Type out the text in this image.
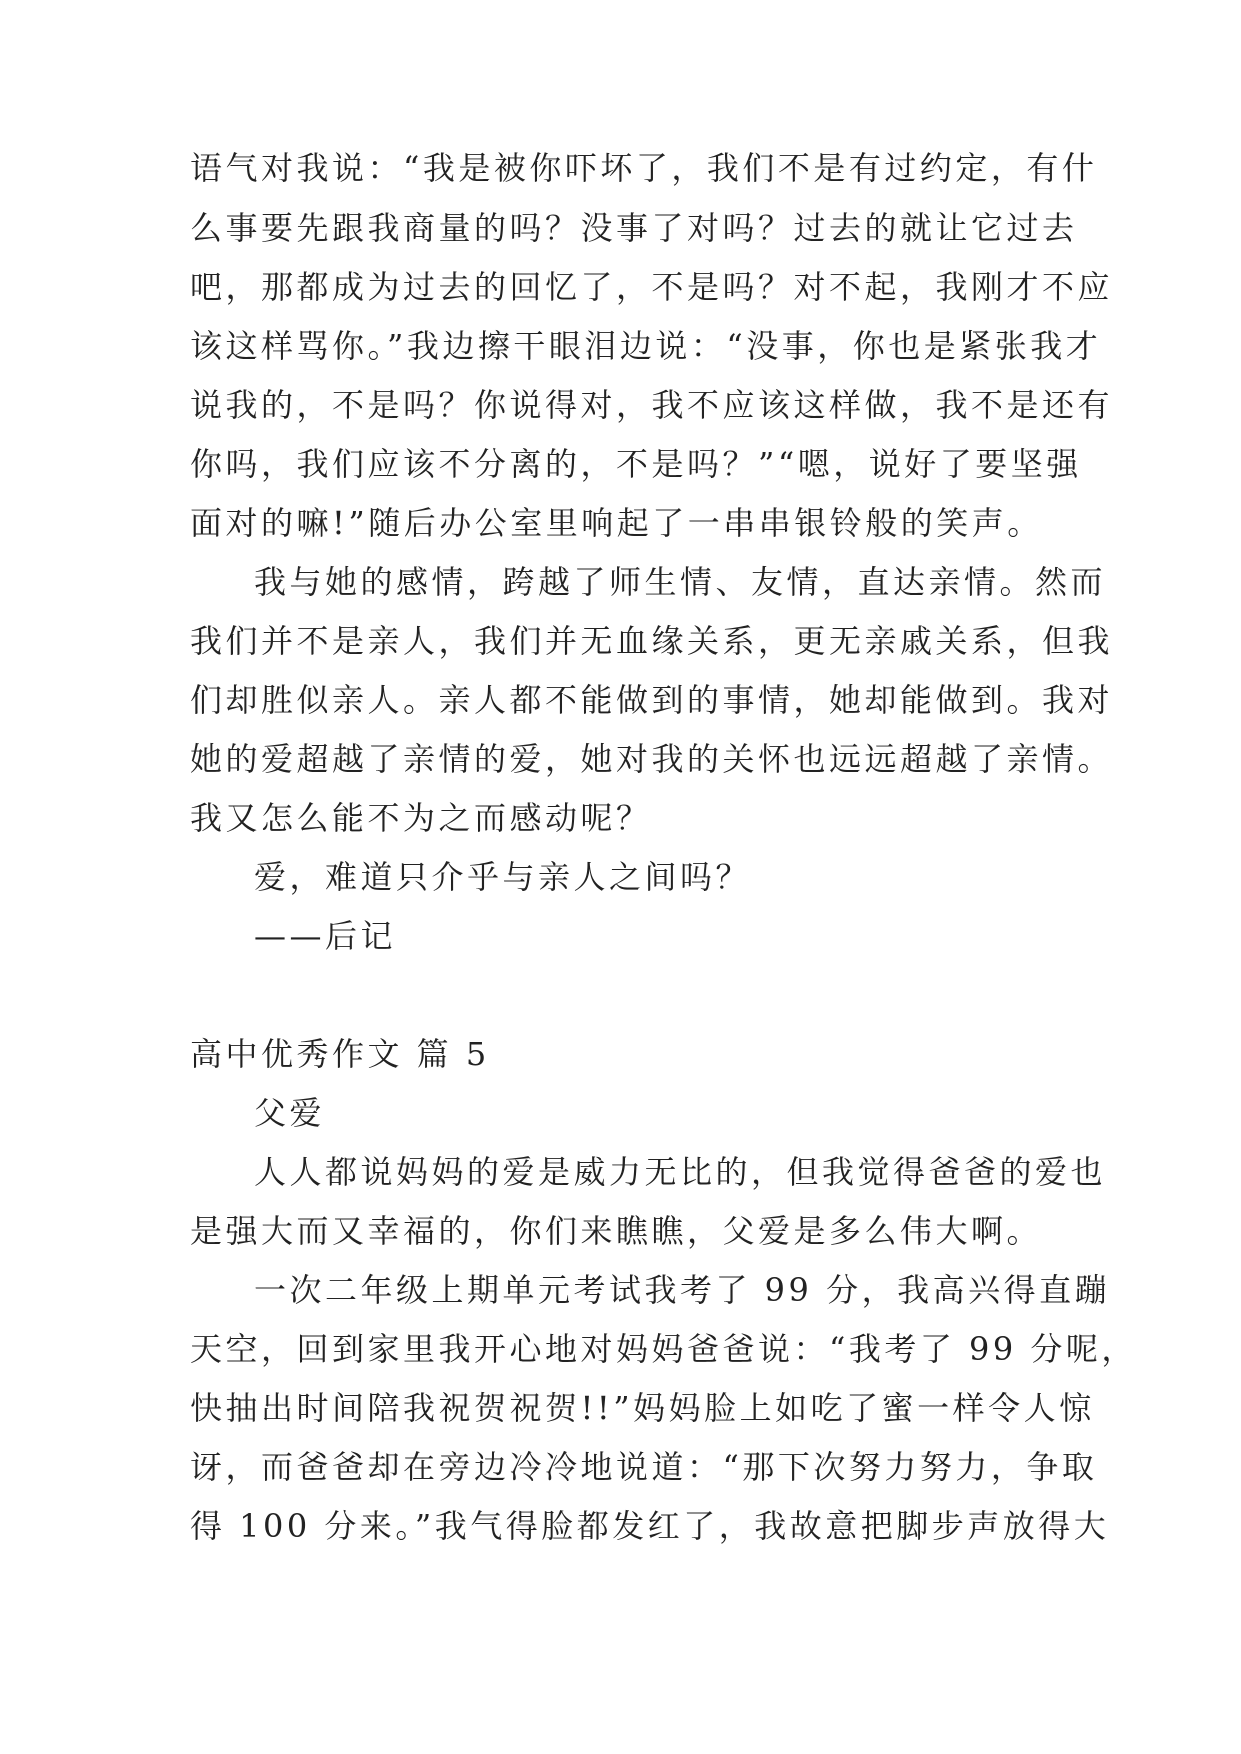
语气对我说：“我是被你吓坏了，我们不是有过约定，有什
么事要先跟我商量的吗？没事了对吗？过去的就让它过去
吧，那都成为过去的回忆了，不是吗？对不起，我刚才不应
该这样骂你。”我边擦干眼泪边说：“没事，你也是紧张我才
说我的，不是吗？你说得对，我不应该这样做，我不是还有
你吗，我们应该不分离的，不是吗？”“嗯，说好了要坚强
面对的嘛!”随后办公室里响起了一串串银铃般的笑声。
我与她的感情，跨越了师生情、友情，直达亲情。然而
我们并不是亲人，我们并无血缘关系，更无亲戚关系，但我
们却胜似亲人。亲人都不能做到的事情，她却能做到。我对
她的爱超越了亲情的爱，她对我的关怀也远远超越了亲情。
我又怎么能不为之而感动呢？
爱，难道只介乎与亲人之间吗？
——后记
高中优秀作文 篇 5
父爱
人人都说妈妈的爱是威力无比的，但我觉得爸爸的爱也
是强大而又幸福的，你们来瞧瞧，父爱是多么伟大啊。
一次二年级上期单元考试我考了 99 分，我高兴得直蹦
天空，回到家里我开心地对妈妈爸爸说：“我考了 99 分呢，
快抽出时间陪我祝贺祝贺!!”妈妈脸上如吃了蜜一样令人惊
讶，而爸爸却在旁边冷冷地说道：“那下次努力努力，争取
得 100 分来。”我气得脸都发红了，我故意把脚步声放得大
